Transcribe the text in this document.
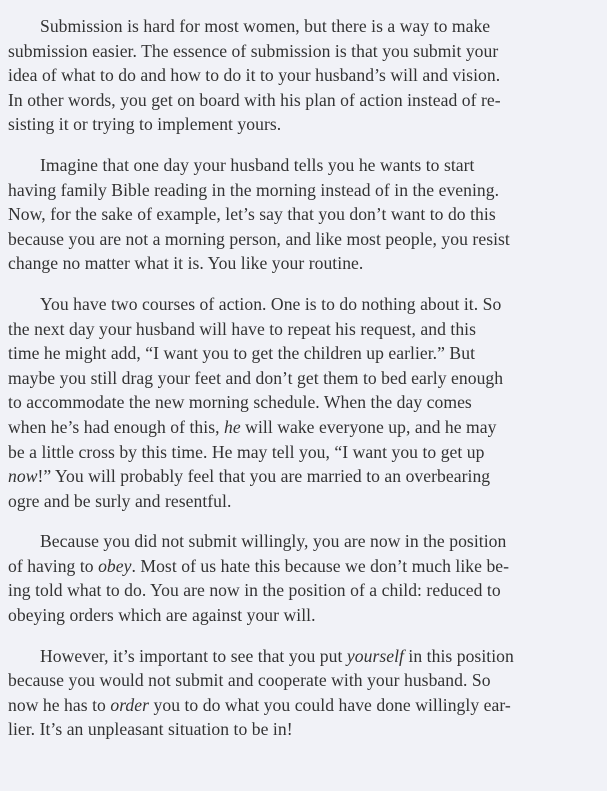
Submission is hard for most women, but there is a way to make
submission easier. The essence of submission is that you submit your
idea of what to do and how to do it to your husband’s will and vision.
In other words, you get on board with his plan of action instead of re-
sisting it or trying to implement yours.

Imagine that one day your husband tells you he wants to start
having family Bible reading in the morning instead of in the evening.
Now, for the sake of example, let’s say that you don’t want to do this
because you are not a morning person, and like most people, you resist
change no matter what it is. You like your routine.

You have two courses of action. One is to do nothing about it. So
the next day your husband will have to repeat his request, and this
time he might add, “I want you to get the children up earlier.” But
maybe you still drag your feet and don’t get them to bed early enough
to accommodate the new morning schedule. When the day comes
when he’s had enough of this, he will wake everyone up, and he may
be a little cross by this time. He may tell you, “I want you to get up
now!” You will probably feel that you are married to an overbearing
ogre and be surly and resentful.

Because you did not submit willingly, you are now in the position
of having to obey. Most of us hate this because we don’t much like be-
ing told what to do. You are now in the position of a child: reduced to
obeying orders which are against your will.

However, it’s important to see that you put yourself in this position
because you would not submit and cooperate with your husband. So
now he has to order you to do what you could have done willingly ear-
lier. It’s an unpleasant situation to be in!
